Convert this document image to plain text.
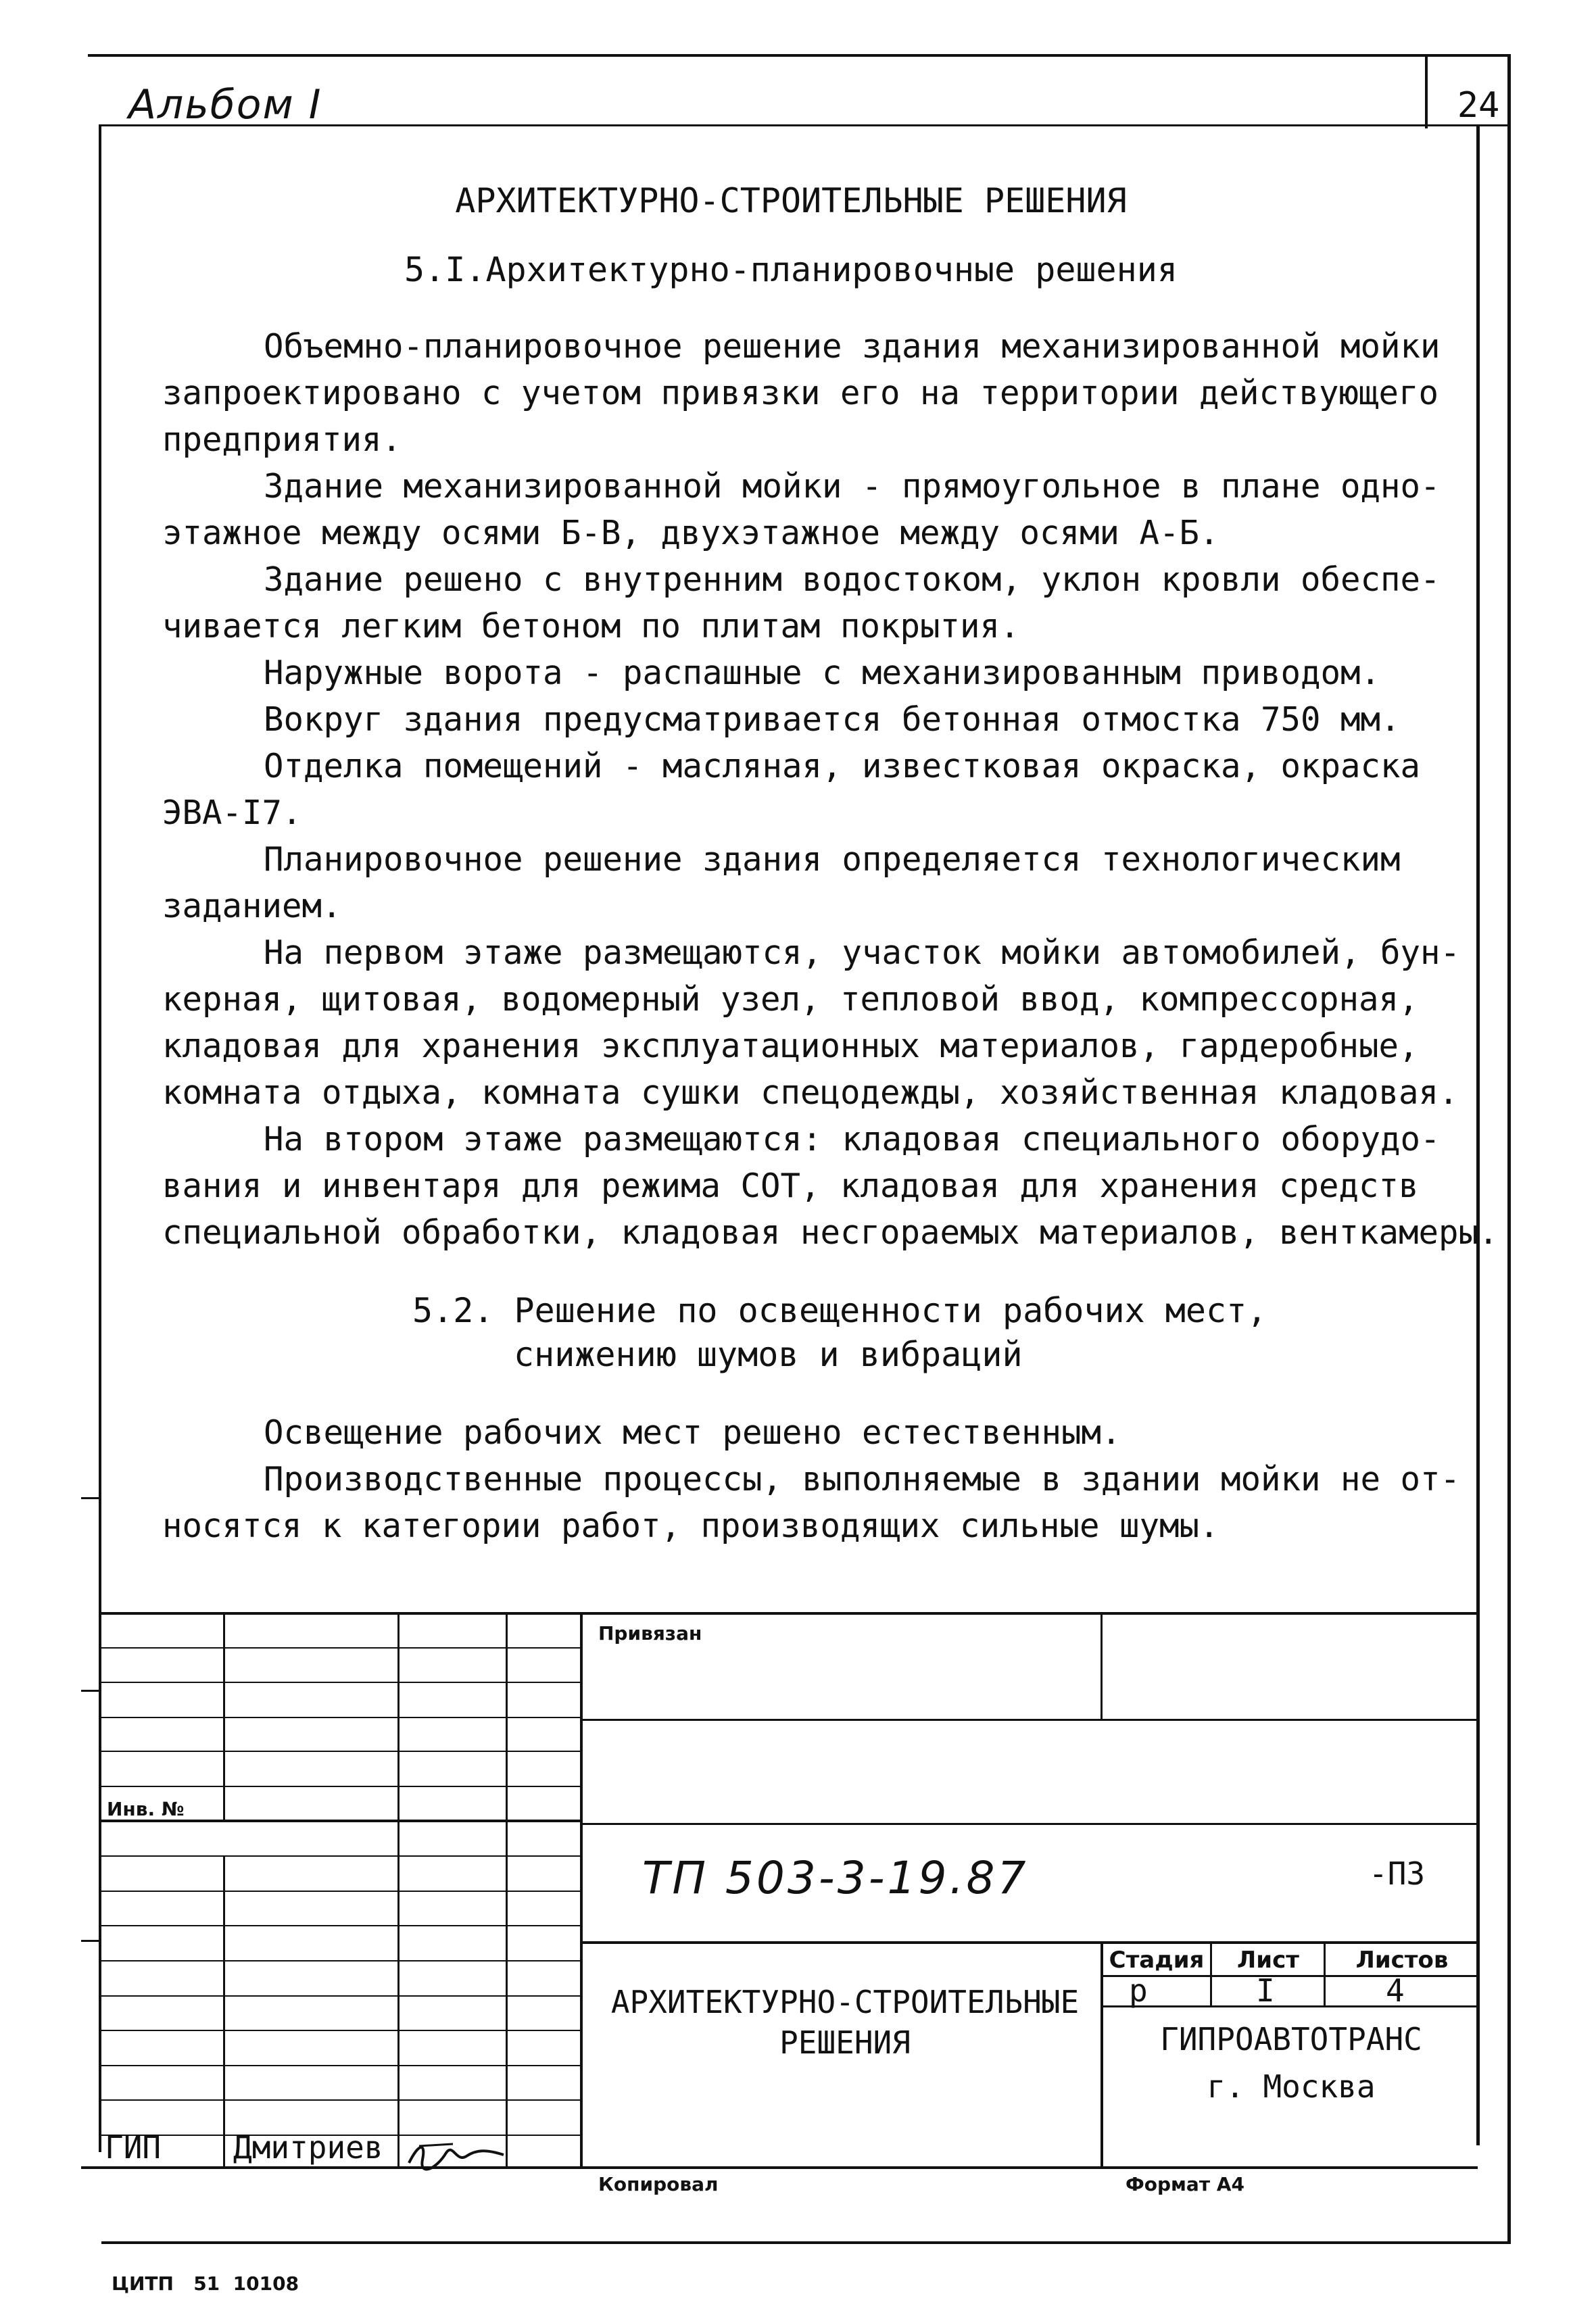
Альбом I	24
АРХИТЕКТУРНО-СТРОИТЕЛЬНЫЕ РЕШЕНИЯ
5.I.Архитектурно-планировочные решения

Объемно-планировочное решение здания механизированной мойки

запроектировано с учетом привязки его на территории действующего

предприятия.

Здание механизированной мойки - прямоугольное в плане одно-

этажное между осями Б-В, двухэтажное между осями А-Б.

Здание решено с внутренним водостоком, уклон кровли обеспе-

чивается легким бетоном по плитам покрытия.

Наружные ворота - распашные с механизированным приводом.

Вокруг здания предусматривается бетонная отмостка 750 мм.

Отделка помещений - масляная, известковая окраска, окраска

ЭВА-I7.

Планировочное решение здания определяется технологическим

заданием.

На первом этаже размещаются, участок мойки автомобилей, бун-

керная, щитовая, водомерный узел, тепловой ввод, компрессорная,

кладовая для хранения эксплуатационных материалов, гардеробные,

комната отдыха, комната сушки спецодежды, хозяйственная кладовая.

На втором этаже размещаются: кладовая специального оборудо-

вания и инвентаря для режима СОТ, кладовая для хранения средств

специальной обработки, кладовая несгораемых материалов, венткамеры.

5.2. Решение по освещенности рабочих мест,
снижению шумов и вибраций

Освещение рабочих мест решено естественным.

Производственные процессы, выполняемые в здании мойки не от-

носятся к категории работ, производящих сильные шумы.

Привязан
Инв. №
ТП 503-3-19.87	-ПЗ
Стадия	Лист	Листов
р	I	4
АРХИТЕКТУРНО-СТРОИТЕЛЬНЫЕ
РЕШЕНИЯ	ГИПРОАВТОТРАНС
г. Москва
ГИП Дмитриев
Копировал	Формат А4
ЦИТП   51  10108
